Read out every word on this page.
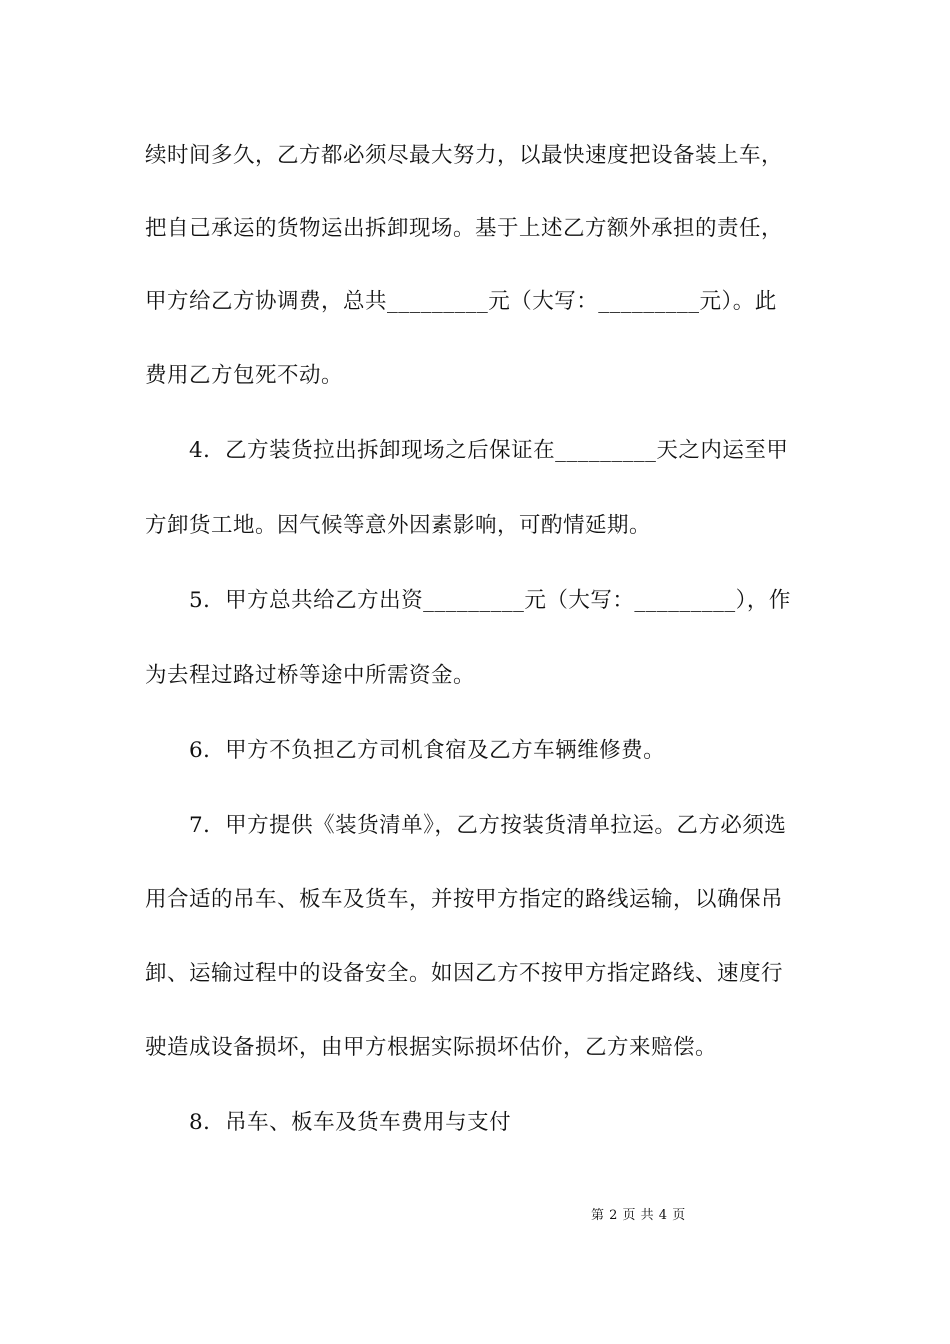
续时间多久，乙方都必须尽最大努力，以最快速度把设备装上车，
把自己承运的货物运出拆卸现场。基于上述乙方额外承担的责任，
甲方给乙方协调费，总共_________元（大写：_________元）。此
费用乙方包死不动。
4．乙方装货拉出拆卸现场之后保证在_________天之内运至甲
方卸货工地。因气候等意外因素影响，可酌情延期。
5．甲方总共给乙方出资_________元（大写：_________），作
为去程过路过桥等途中所需资金。
6．甲方不负担乙方司机食宿及乙方车辆维修费。
7．甲方提供《装货清单》，乙方按装货清单拉运。乙方必须选
用合适的吊车、板车及货车，并按甲方指定的路线运输，以确保吊
卸、运输过程中的设备安全。如因乙方不按甲方指定路线、速度行
驶造成设备损坏，由甲方根据实际损坏估价，乙方来赔偿。
8．吊车、板车及货车费用与支付
第 2 页 共 4 页
